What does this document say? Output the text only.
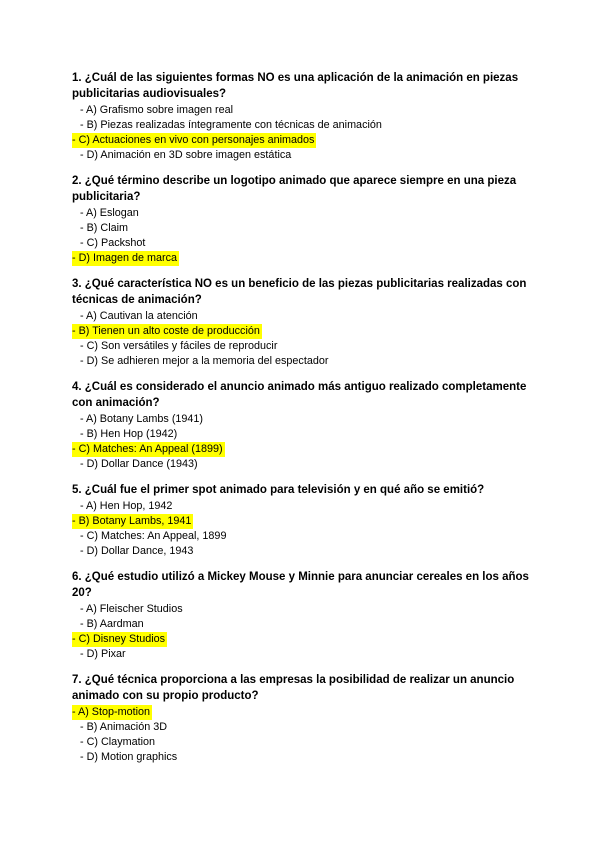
1. ¿Cuál de las siguientes formas NO es una aplicación de la animación en piezas publicitarias audiovisuales?
- A) Grafismo sobre imagen real
- B) Piezas realizadas íntegramente con técnicas de animación
- C) Actuaciones en vivo con personajes animados
- D) Animación en 3D sobre imagen estática
2. ¿Qué término describe un logotipo animado que aparece siempre en una pieza publicitaria?
- A) Eslogan
- B) Claim
- C) Packshot
- D) Imagen de marca
3. ¿Qué característica NO es un beneficio de las piezas publicitarias realizadas con técnicas de animación?
- A) Cautivan la atención
- B) Tienen un alto coste de producción
- C) Son versátiles y fáciles de reproducir
- D) Se adhieren mejor a la memoria del espectador
4. ¿Cuál es considerado el anuncio animado más antiguo realizado completamente con animación?
- A) Botany Lambs (1941)
- B) Hen Hop (1942)
- C) Matches: An Appeal (1899)
- D) Dollar Dance (1943)
5. ¿Cuál fue el primer spot animado para televisión y en qué año se emitió?
- A) Hen Hop, 1942
- B) Botany Lambs, 1941
- C) Matches: An Appeal, 1899
- D) Dollar Dance, 1943
6. ¿Qué estudio utilizó a Mickey Mouse y Minnie para anunciar cereales en los años 20?
- A) Fleischer Studios
- B) Aardman
- C) Disney Studios
- D) Pixar
7. ¿Qué técnica proporciona a las empresas la posibilidad de realizar un anuncio animado con su propio producto?
- A) Stop-motion
- B) Animación 3D
- C) Claymation
- D) Motion graphics
